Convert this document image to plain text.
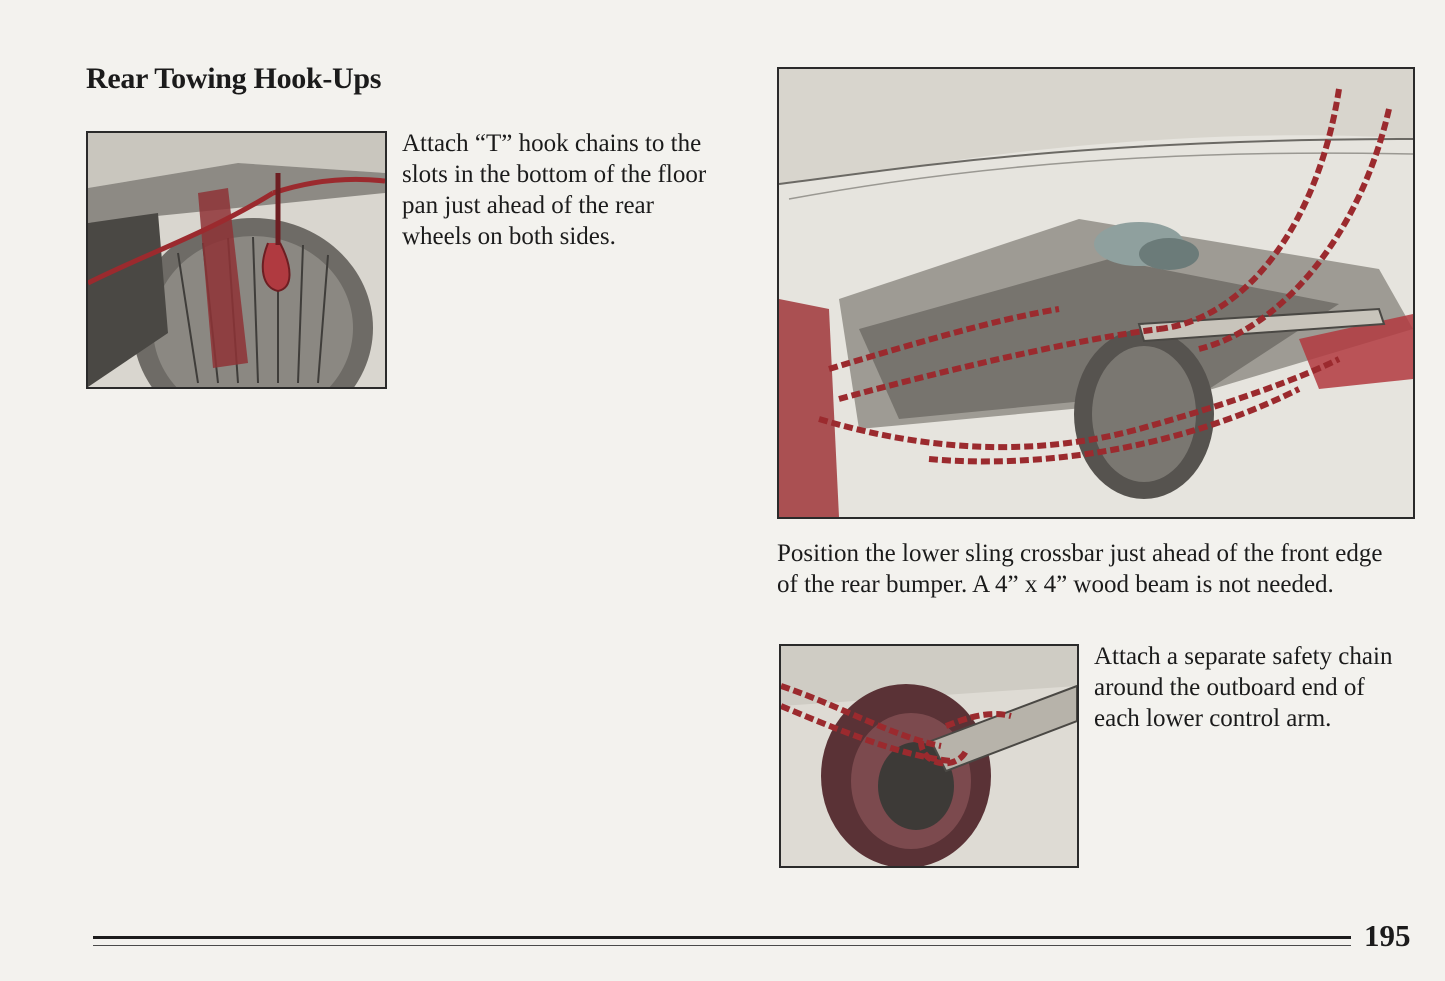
Rear Towing Hook-Ups

Attach “T” hook chains to the slots in the bottom of the floor pan just ahead of the rear wheels on both sides.

Position the lower sling crossbar just ahead of the front edge of the rear bumper. A 4” x 4” wood beam is not needed.

Attach a separate safety chain around the outboard end of each lower control arm.

195
